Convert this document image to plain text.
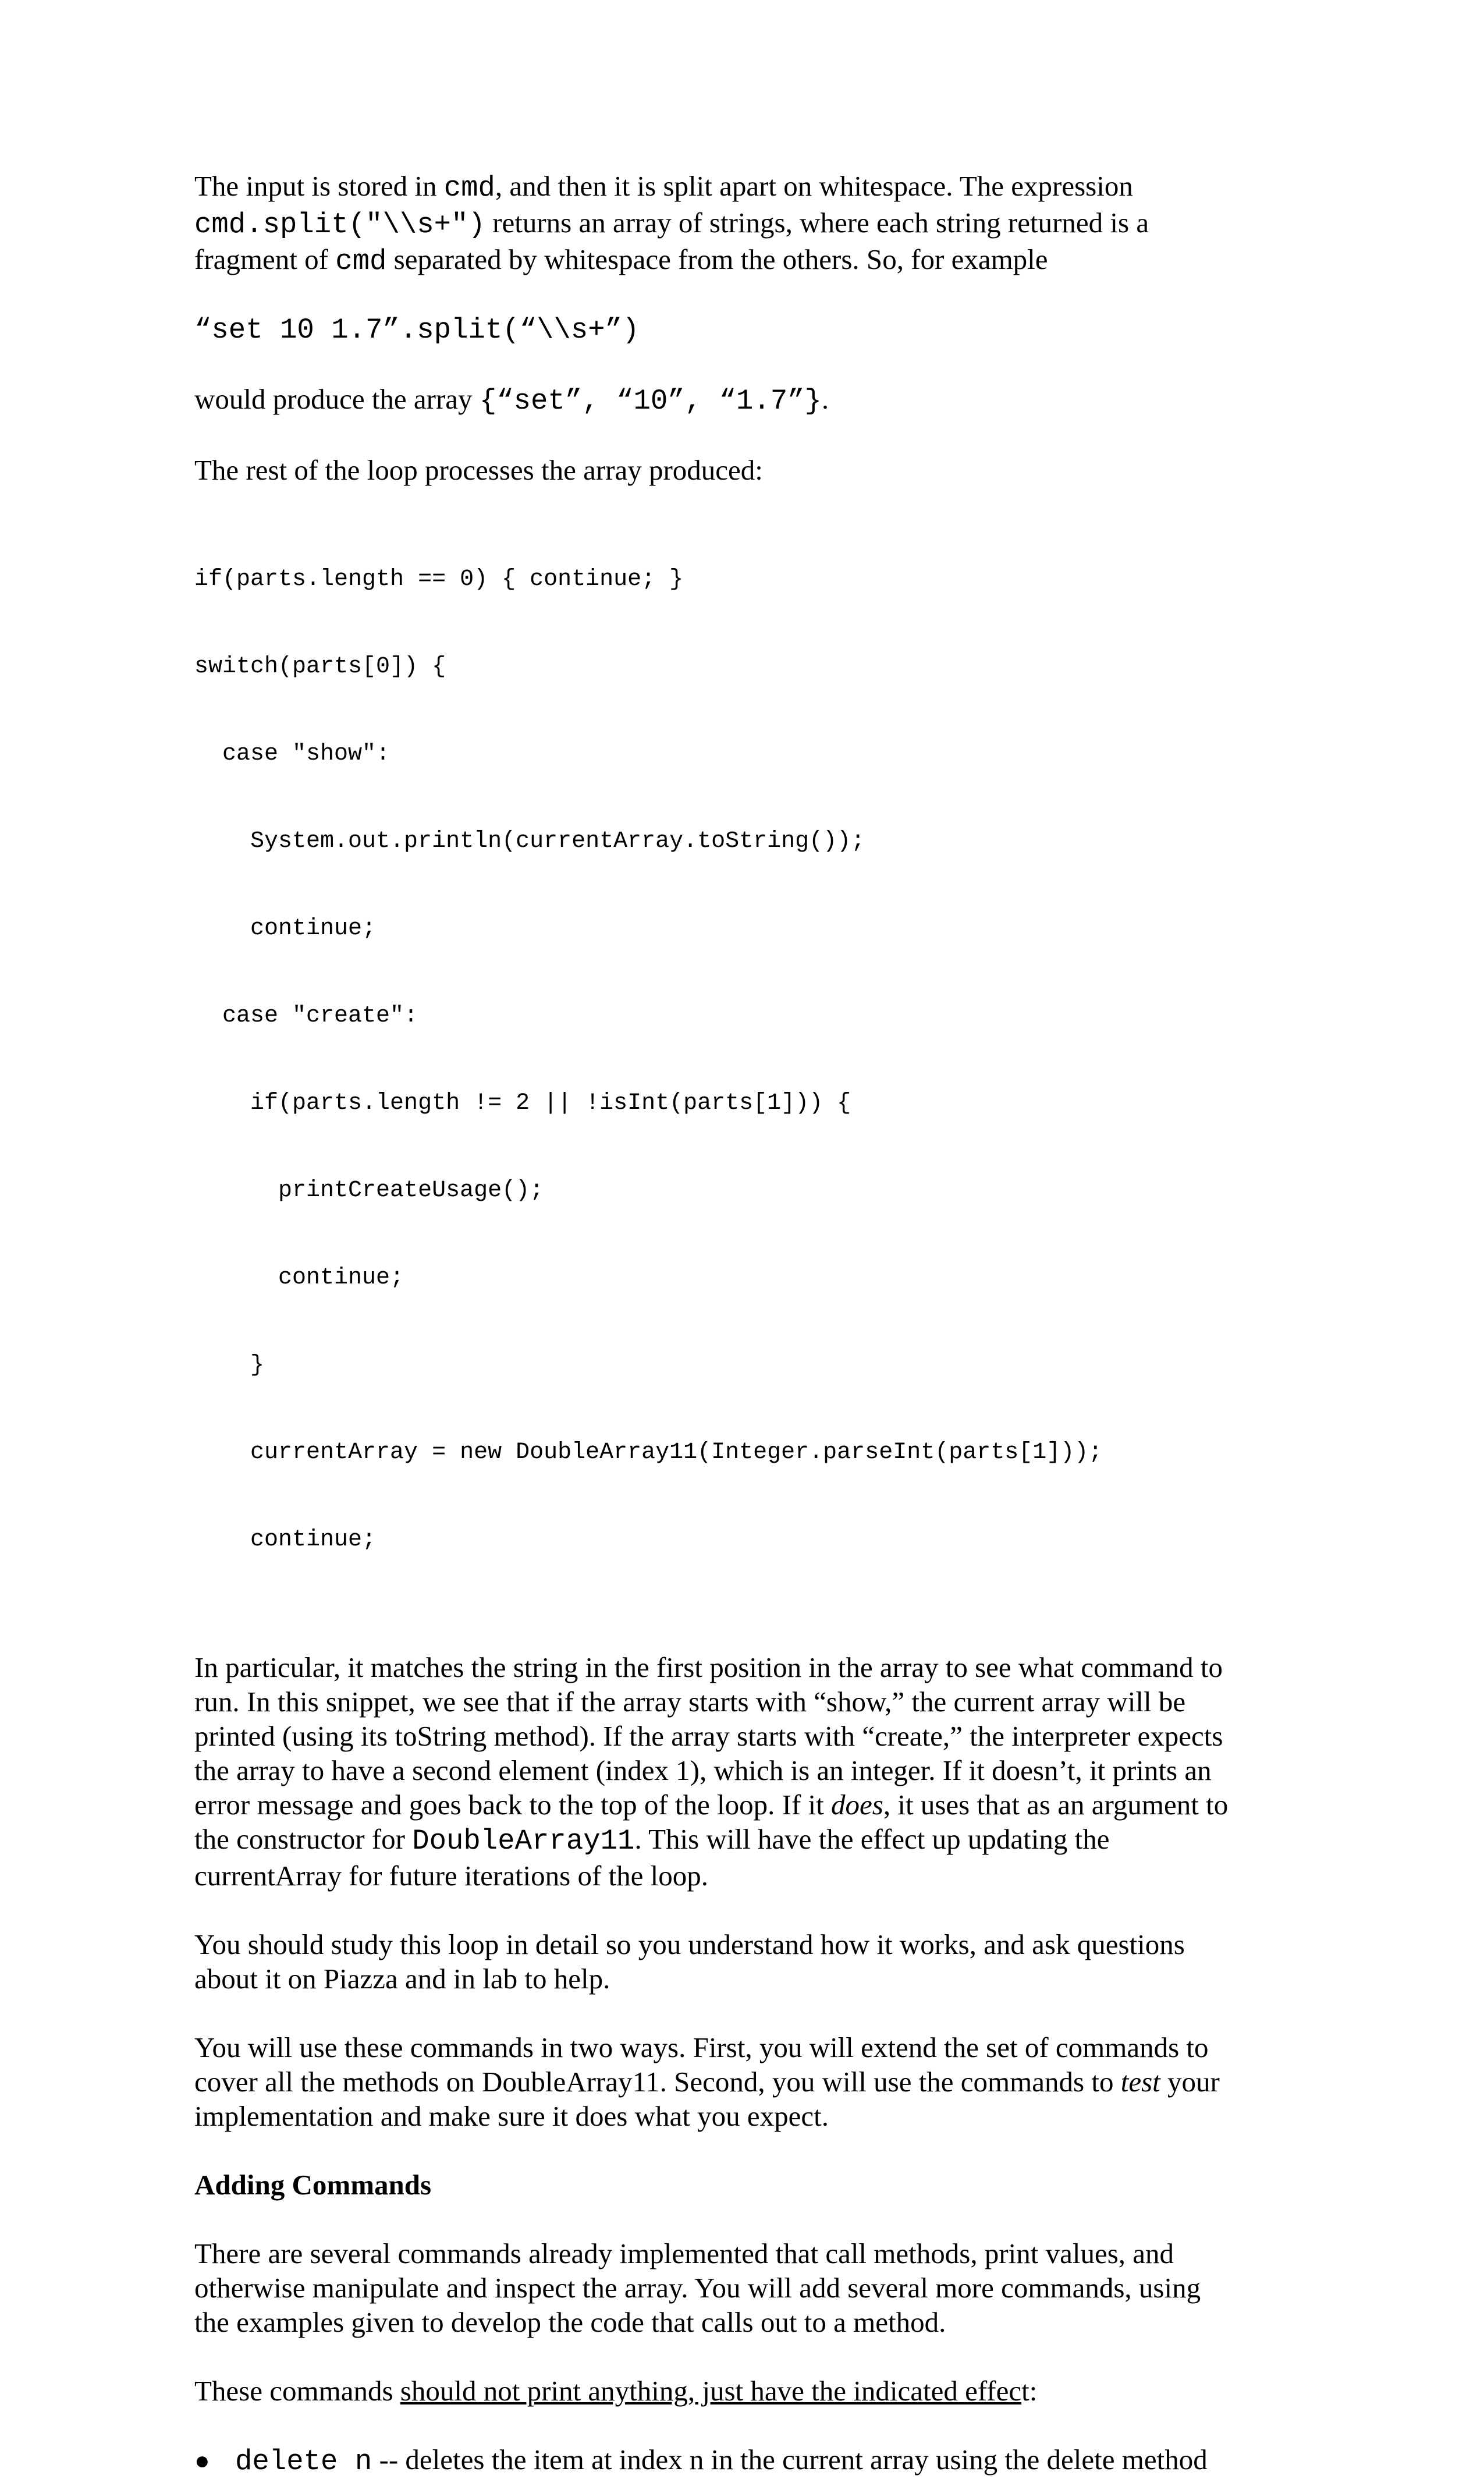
The input is stored in cmd, and then it is split apart on whitespace. The expression
cmd.split("\\s+") returns an array of strings, where each string returned is a
fragment of cmd separated by whitespace from the others. So, for example

“set 10 1.7”.split(“\\s+”)

would produce the array {“set”, “10”, “1.7”}.

The rest of the loop processes the array produced:

if(parts.length == 0) { continue; }

switch(parts[0]) {

case "show":

System.out.println(currentArray.toString());

continue;

case "create":

if(parts.length != 2 || !isInt(parts[1])) {

printCreateUsage();

continue;

}

currentArray = new DoubleArray11(Integer.parseInt(parts[1]));

continue;

In particular, it matches the string in the first position in the array to see what command to
run. In this snippet, we see that if the array starts with “show,” the current array will be
printed (using its toString method). If the array starts with “create,” the interpreter expects
the array to have a second element (index 1), which is an integer. If it doesn’t, it prints an
error message and goes back to the top of the loop. If it does, it uses that as an argument to
the constructor for DoubleArray11. This will have the effect up updating the
currentArray for future iterations of the loop.

You should study this loop in detail so you understand how it works, and ask questions
about it on Piazza and in lab to help.

You will use these commands in two ways. First, you will extend the set of commands to
cover all the methods on DoubleArray11. Second, you will use the commands to test your
implementation and make sure it does what you expect.

Adding Commands

There are several commands already implemented that call methods, print values, and
otherwise manipulate and inspect the array. You will add several more commands, using
the examples given to develop the code that calls out to a method.

These commands should not print anything, just have the indicated effect:

● delete n -- deletes the item at index n in the current array using the delete method
